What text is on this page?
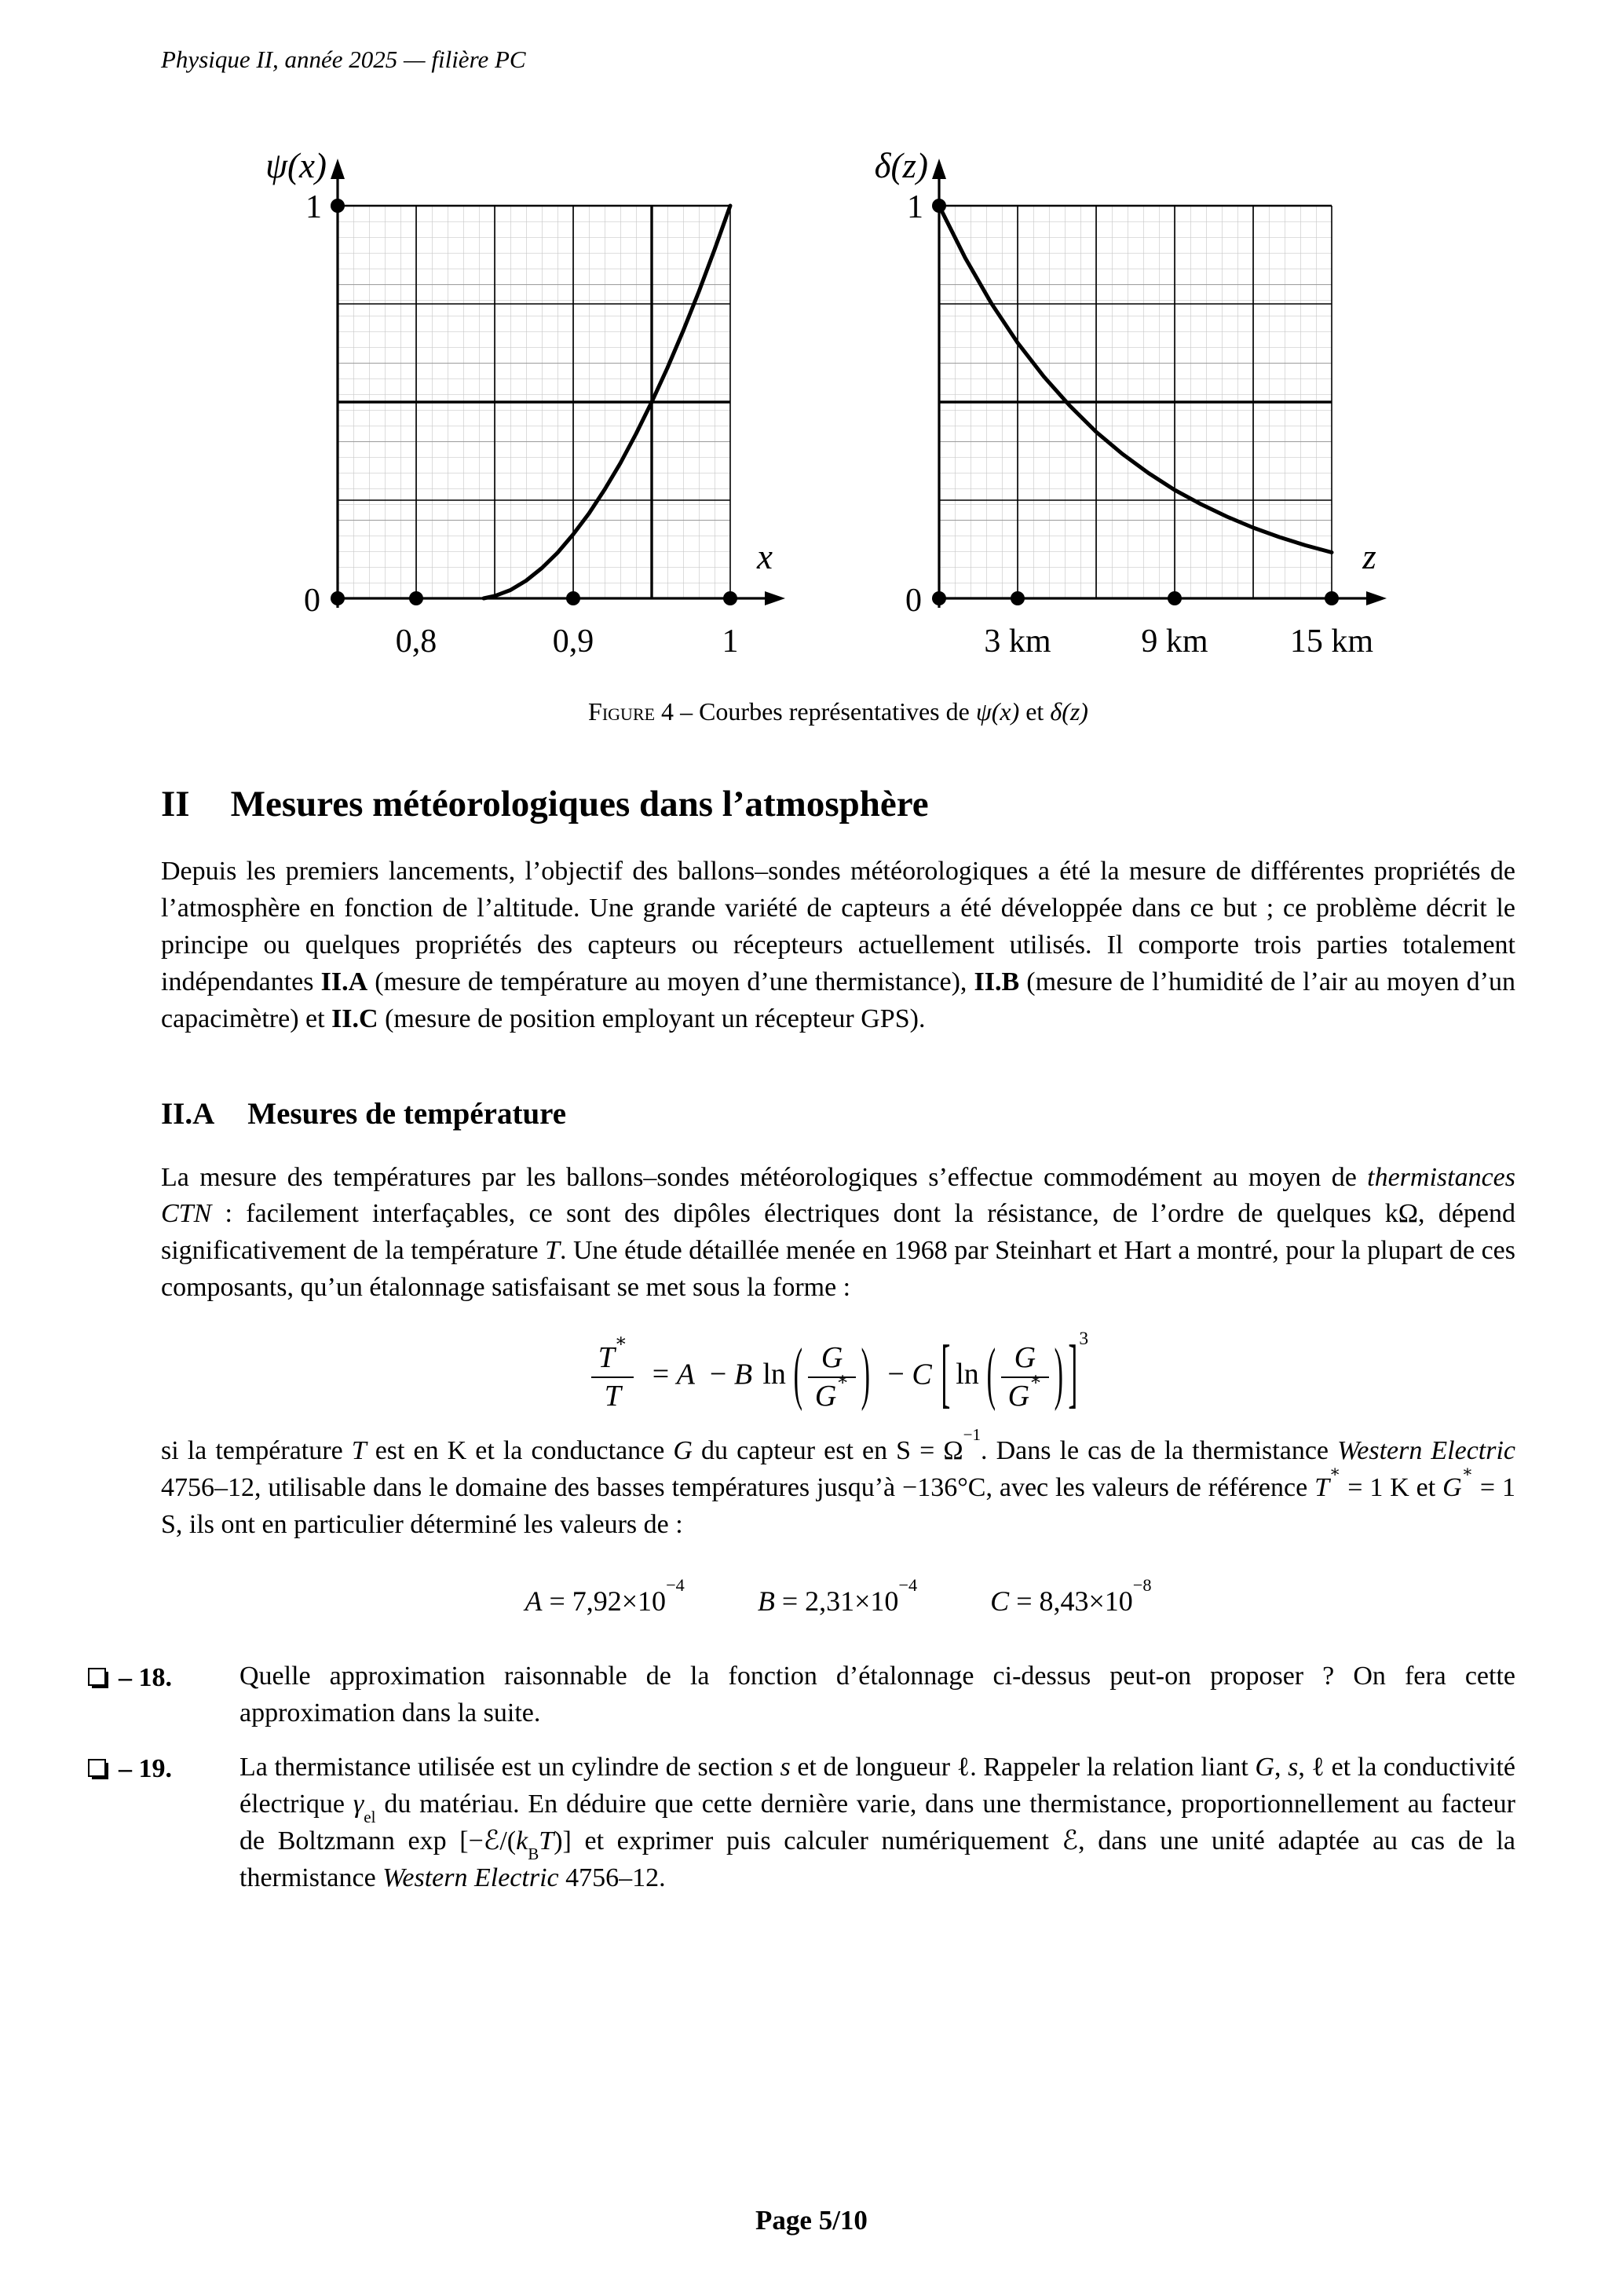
Physique II, année 2025 — filière PC
ψ(x)
1
0
0,8	0,9	1
x
δ(z)
1
0
3 km	9 km 15 km
z
Figure 4 – Courbes représentatives de ψ(x) et δ(z)
II Mesures météorologiques dans l’atmosphère
Depuis les premiers lancements, l’objectif des ballons–sondes météorologiques a été la mesure de différentes propriétés de l’atmosphère en fonction de l’altitude. Une grande variété de capteurs a été développée dans ce but ; ce problème décrit le principe ou quelques propriétés des capteurs ou récepteurs actuellement utilisés. Il comporte trois parties totalement indépendantes II.A (mesure de température au moyen d’une thermistance), II.B (mesure de l’humidité de l’air au moyen d’un capacimètre) et II.C (mesure de position employant un récepteur GPS).
II.A Mesures de température
La mesure des températures par les ballons–sondes météorologiques s’effectue commodément au moyen de thermistances CTN : facilement interfaçables, ce sont des dipôles électriques dont la résistance, de l’ordre de quelques kΩ, dépend significativement de la température T. Une étude détaillée menée en 1968 par Steinhart et Hart a montré, pour la plupart de ces composants, qu’un étalonnage satisfaisant se met sous la forme :
$\frac{T^∗}{T} = A - B$ ln ( $\frac{G}{G^∗}$ ) − C [ ln ( $\frac{G}{G^∗}$ ) ] $^3$
si la température T est en K et la conductance G du capteur est en $S = \Omega^{-1}$. Dans le cas de la thermistance Western Electric 4756–12, utilisable dans le domaine des basses températures jusqu’à −136°C, avec les valeurs de référence T∗ = 1 K et G∗ = 1 S, ils ont en particulier déterminé les valeurs de :
$A = 7,92\times 10^{-4}$ $B = 2,31\times 10^{-4}$ $C = 8,43\times 10^{-8}$
– 18.	Quelle approximation raisonnable de la fonction d’étalonnage ci-dessus peut-on proposer ? On fera cette approximation dans la suite.
– 19.	La thermistance utilisée est un cylindre de section s et de longueur ℓ. Rappeler la relation liant G, s, ℓ et la conductivité électrique $\gamma_{el}$ du matériau. En déduire que cette dernière varie, dans une thermistance, proportionnellement au facteur de Boltzmann $\exp [-ℰ/(k_BT)]$ et exprimer puis calculer numériquement ℰ, dans une unité adaptée au cas de la thermistance Western Electric 4756–12.
Page 5/10
